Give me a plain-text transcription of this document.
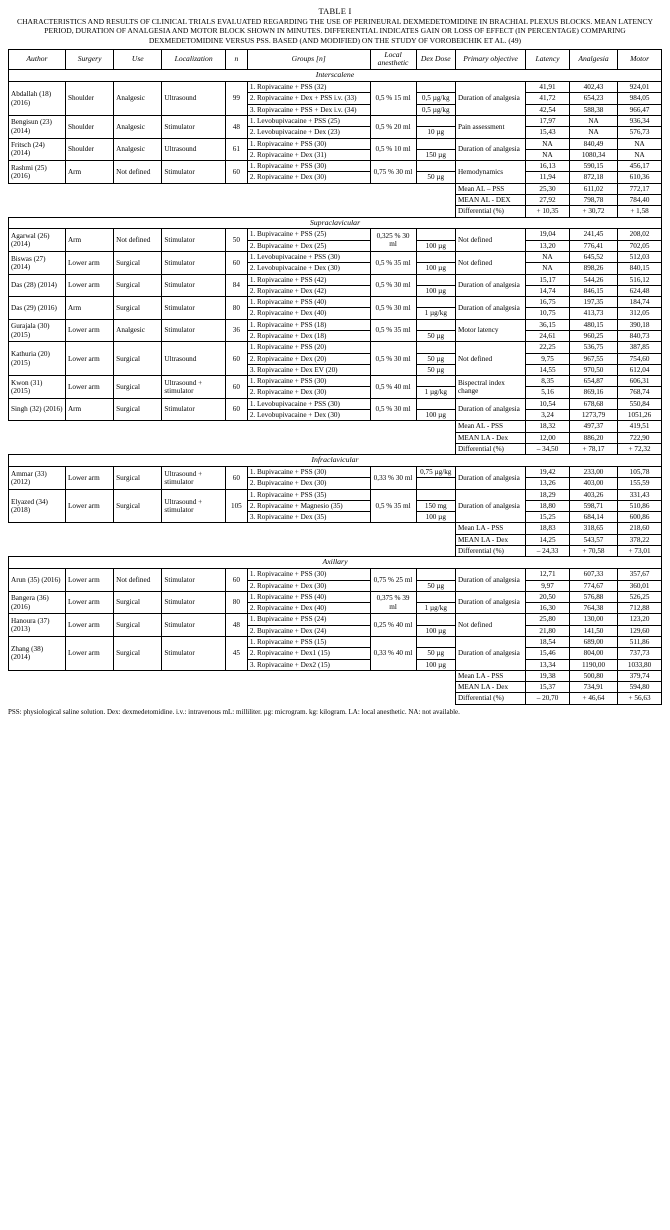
TABLE I
CHARACTERISTICS AND RESULTS OF CLINICAL TRIALS EVALUATED REGARDING THE USE OF PERINEURAL DEXMEDETOMIDINE IN BRACHIAL PLEXUS BLOCKS. MEAN LATENCY PERIOD, DURATION OF ANALGESIA AND MOTOR BLOCK SHOWN IN MINUTES. DIFFERENTIAL INDICATES GAIN OR LOSS OF EFFECT (IN PERCENTAGE) COMPARING DEXMEDETOMIDINE VERSUS PSS. BASED (AND MODIFIED) ON THE STUDY OF VOROBEICHIK ET AL. (49)
Author	Surgery	Use	Localization	n	Groups [n]	Local anesthetic	Dex Dose	Primary objective	Latency	Analgesia	Motor
Interscalene											
Abdallah (18) (2016)	Shoulder	Analgesic	Ultrasound	99	1. Ropivacaine + PSS (32)	0,5 % 15 ml		Duration of analgesia	41,91	402,43	924,01
					2. Ropivacaine + Dex + PSS i.v. (33)		0,5 µg/kg		41,72	654,23	984,05
					3. Ropivacaine + PSS + Dex i.v. (34)		0,5 µg/kg		42,54	588,38	966,47
Bengisun (23) (2014)	Shoulder	Analgesic	Stimulator	48	1. Levobupivacaine + PSS (25)	0,5 % 20 ml		Pain assessment	17,97	NA	936,34
					2. Levobupivacaine + Dex (23)		10 µg		15,43	NA	576,73
Fritsch (24) (2014)	Shoulder	Analgesic	Ultrasound	61	1. Ropivacaine + PSS (30)	0,5 % 10 ml		Duration of analgesia	NA	840,49	NA
					2. Ropivacaine + Dex (31)		150 µg		NA	1080,34	NA
Rashmi (25) (2016)	Arm	Not defined	Stimulator	60	1. Ropivacaine + PSS (30)	0,75 % 30 ml		Hemodynamics	16,13	590,15	456,17
					2. Ropivacaine + Dex (30)		50 µg		11,94	872,18	610,36
								Mean AL – PSS	25,30	611,02	772,17
								MEAN AL - DEX	27,92	798,78	784,40
								Differential (%)	+ 10,35	+ 30,72	+ 1,58
Supraclavicular											
Agarwal (26) (2014)	Arm	Not defined	Stimulator	50	1. Bupivacaine + PSS (25)	0,325 % 30 ml		Not defined	19,04	241,45	208,02
					2. Bupivacaine + Dex (25)		100 µg		13,20	776,41	702,05
Biswas (27) (2014)	Lower arm	Surgical	Stimulator	60	1. Levobupivacaine + PSS (30)	0,5 % 35 ml		Not defined	NA	645,52	512,03
					2. Levobupivacaine + Dex (30)		100 µg		NA	898,26	840,15
Das (28) (2014)	Lower arm	Surgical	Stimulator	84	1. Ropivacaine + PSS (42)	0,5 % 30 ml		Duration of analgesia	15,17	544,26	516,12
					2. Ropivacaine + Dex (42)		100 µg		14,74	846,15	624,48
Das (29) (2016)	Arm	Surgical	Stimulator	80	1. Ropivacaine + PSS (40)	0,5 % 30 ml		Duration of analgesia	16,75	197,35	184,74
					2. Ropivacaine + Dex (40)		1 µg/kg		10,75	413,73	312,05
Gurajala (30) (2015)	Lower arm	Analgesic	Stimulator	36	1. Ropivacaine + PSS (18)	0,5 % 35 ml		Motor latency	36,15	480,15	390,18
					2. Ropivacaine + Dex (18)		50 µg		24,61	960,25	840,73
Kathuria (20) (2015)	Lower arm	Surgical	Ultrasound	60	1. Ropivacaine + PSS (20)	0,5 % 30 ml		Not defined	22,25	536,75	387,85
					2. Ropivacaine + Dex (20)		50 µg		9,75	967,55	754,60
					3. Ropivacaine + Dex EV (20)		50 µg		14,55	970,50	612,04
Kwon (31) (2015)	Lower arm	Surgical	Ultrasound + stimulator	60	1. Ropivacaine + PSS (30)	0,5 % 40 ml		Bispectral index change	8,35	654,87	606,31
					2. Ropivacaine + Dex (30)		1 µg/kg		5,16	869,16	768,74
Singh (32) (2016)	Arm	Surgical	Stimulator	60	1. Levobupivacaine + PSS (30)	0,5 % 30 ml		Duration of analgesia	10,54	678,68	550,84
					2. Levobupivacaine + Dex (30)		100 µg		3,24	1273,79	1051,26
								Mean AL - PSS	18,32	497,37	419,51
								MEAN LA - Dex	12,00	886,20	722,90
								Differential (%)	– 34,50	+ 78,17	+ 72,32
Infraclavicular											
Ammar (33) (2012)	Lower arm	Surgical	Ultrasound + stimulator	60	1. Bupivacaine + PSS (30)	0,33 % 30 ml	0,75 µg/kg	Duration of analgesia	19,42	233,00	105,78
					2. Bupivacaine + Dex (30)				13,26	403,00	155,59
Elyazed (34) (2018)	Lower arm	Surgical	Ultrasound + stimulator	105	1. Ropivacaine + PSS (35)	0,5 % 35 ml		Duration of analgesia	18,29	403,26	331,43
					2. Ropivacaine + Magnesio (35)		150 mg		18,80	598,71	510,86
					3. Ropivacaine + Dex (35)		100 µg		15,25	684,14	600,86
								Mean LA - PSS	18,83	318,65	218,60
								MEAN LA - Dex	14,25	543,57	378,22
								Differential (%)	– 24,33	+ 70,58	+ 73,01
Axillary											
Arun (35) (2016)	Lower arm	Not defined	Stimulator	60	1. Ropivacaine + PSS (30)	0,75 % 25 ml		Duration of analgesia	12,71	607,33	357,67
					2. Ropivacaine + Dex (30)		50 µg		9,97	774,67	360,01
Bangera (36) (2016)	Lower arm	Surgical	Stimulator	80	1. Ropivacaine + PSS (40)	0,375 % 39 ml		Duration of analgesia	20,50	576,88	526,25
					2. Ropivacaine + Dex (40)		1 µg/kg		16,30	764,38	712,88
Hanoura (37) (2013)	Lower arm	Surgical	Stimulator	48	1. Bupivacaine + PSS (24)	0,25 % 40 ml		Not defined	25,80	130,00	123,20
					2. Bupivacaine + Dex (24)		100 µg		21,80	141,50	129,60
Zhang (38) (2014)	Lower arm	Surgical	Stimulator	45	1. Ropivacaine + PSS (15)	0,33 % 40 ml		Duration of analgesia	18,54	689,00	511,86
					2. Ropivacaine + Dex1 (15)		50 µg		15,46	804,00	737,73
					3. Ropivacaine + Dex2 (15)		100 µg		13,34	1190,00	1033,80
								Mean LA - PSS	19,38	500,80	379,74
								MEAN LA - Dex	15,37	734,91	594,80
								Differential (%)	– 20,70	+ 46,64	+ 56,63
PSS: physiological saline solution. Dex: dexmedetomidine. i.v.: intravenous mL: milliliter. µg: microgram. kg: kilogram. LA: local anesthetic. NA: not available.
